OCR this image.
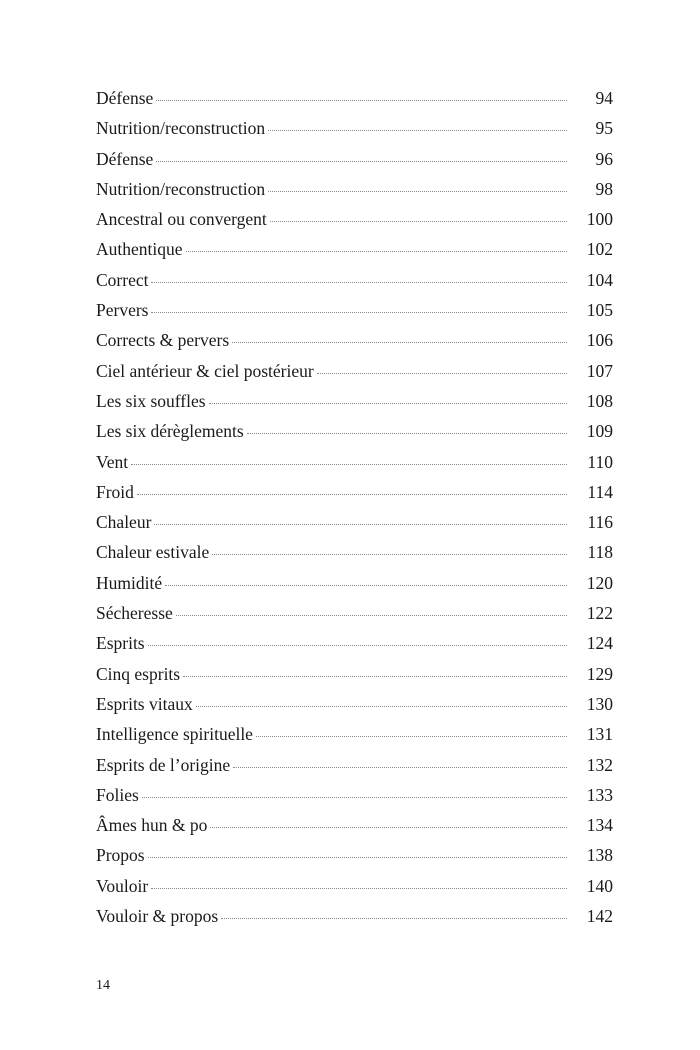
Défense	94
Nutrition/reconstruction	95
Défense	96
Nutrition/reconstruction	98
Ancestral ou convergent	100
Authentique	102
Correct	104
Pervers	105
Corrects & pervers	106
Ciel antérieur & ciel postérieur	107
Les six souffles	108
Les six dérèglements	109
Vent	110
Froid	114
Chaleur	116
Chaleur estivale	118
Humidité	120
Sécheresse	122
Esprits	124
Cinq esprits	129
Esprits vitaux	130
Intelligence spirituelle	131
Esprits de l’origine	132
Folies	133
Âmes hun & po	134
Propos	138
Vouloir	140
Vouloir & propos	142
14
